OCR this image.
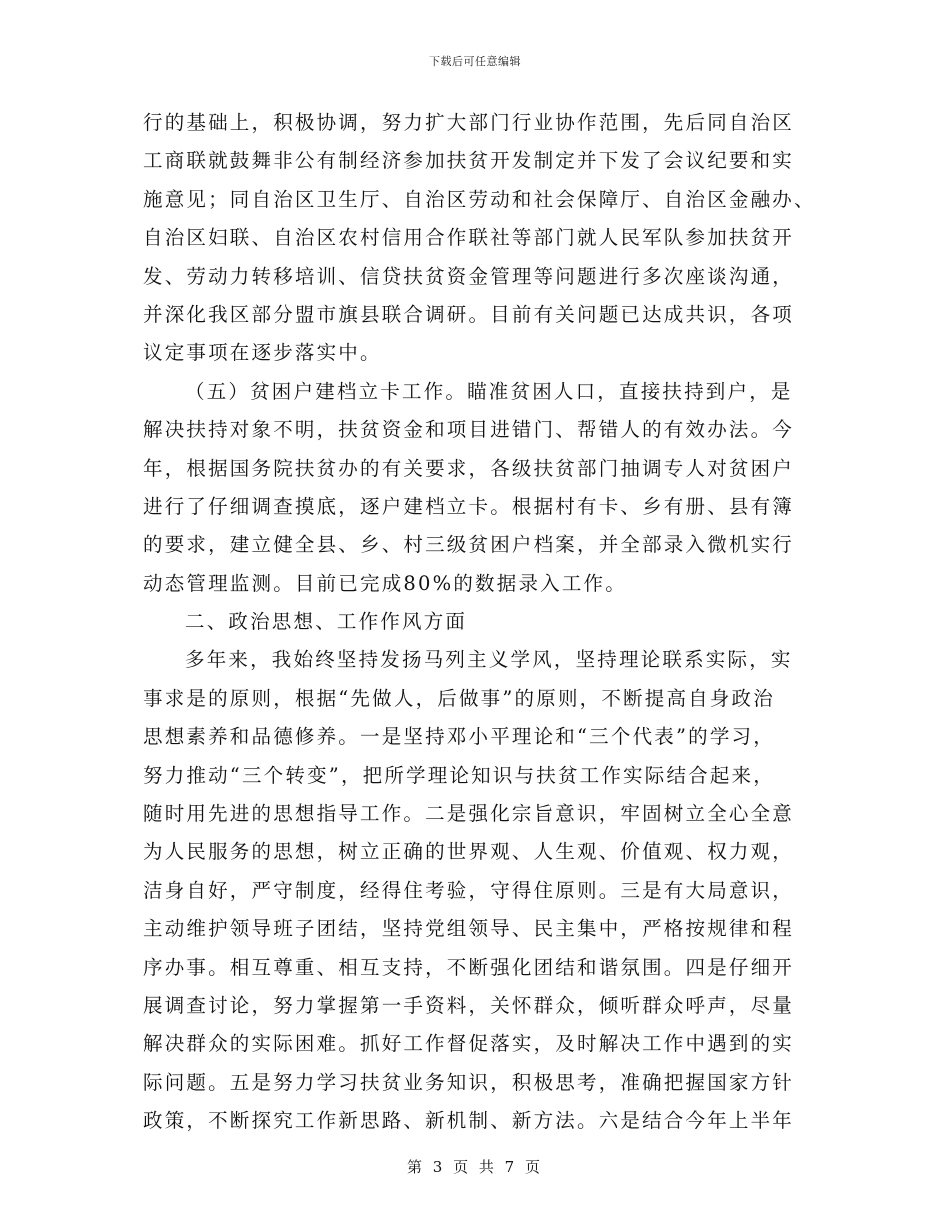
下载后可任意编辑
行的基础上，积极协调，努力扩大部门行业协作范围，先后同自治区
工商联就鼓舞非公有制经济参加扶贫开发制定并下发了会议纪要和实
施意见；同自治区卫生厅、自治区劳动和社会保障厅、自治区金融办、
自治区妇联、自治区农村信用合作联社等部门就人民军队参加扶贫开
发、劳动力转移培训、信贷扶贫资金管理等问题进行多次座谈沟通，
并深化我区部分盟市旗县联合调研。目前有关问题已达成共识，各项
议定事项在逐步落实中。
（五）贫困户建档立卡工作。瞄准贫困人口，直接扶持到户，是
解决扶持对象不明，扶贫资金和项目进错门、帮错人的有效办法。今
年，根据国务院扶贫办的有关要求，各级扶贫部门抽调专人对贫困户
进行了仔细调查摸底，逐户建档立卡。根据村有卡、乡有册、县有簿
的要求，建立健全县、乡、村三级贫困户档案，并全部录入微机实行
动态管理监测。目前已完成80%的数据录入工作。
二、政治思想、工作作风方面
多年来，我始终坚持发扬马列主义学风，坚持理论联系实际，实
事求是的原则，根据“先做人，后做事”的原则，不断提高自身政治
思想素养和品德修养。一是坚持邓小平理论和“三个代表”的学习，
努力推动“三个转变”，把所学理论知识与扶贫工作实际结合起来，
随时用先进的思想指导工作。二是强化宗旨意识，牢固树立全心全意
为人民服务的思想，树立正确的世界观、人生观、价值观、权力观，
洁身自好，严守制度，经得住考验，守得住原则。三是有大局意识，
主动维护领导班子团结，坚持党组领导、民主集中，严格按规律和程
序办事。相互尊重、相互支持，不断强化团结和谐氛围。四是仔细开
展调查讨论，努力掌握第一手资料，关怀群众，倾听群众呼声，尽量
解决群众的实际困难。抓好工作督促落实，及时解决工作中遇到的实
际问题。五是努力学习扶贫业务知识，积极思考，准确把握国家方针
政策，不断探究工作新思路、新机制、新方法。六是结合今年上半年
第 3 页 共 7 页
